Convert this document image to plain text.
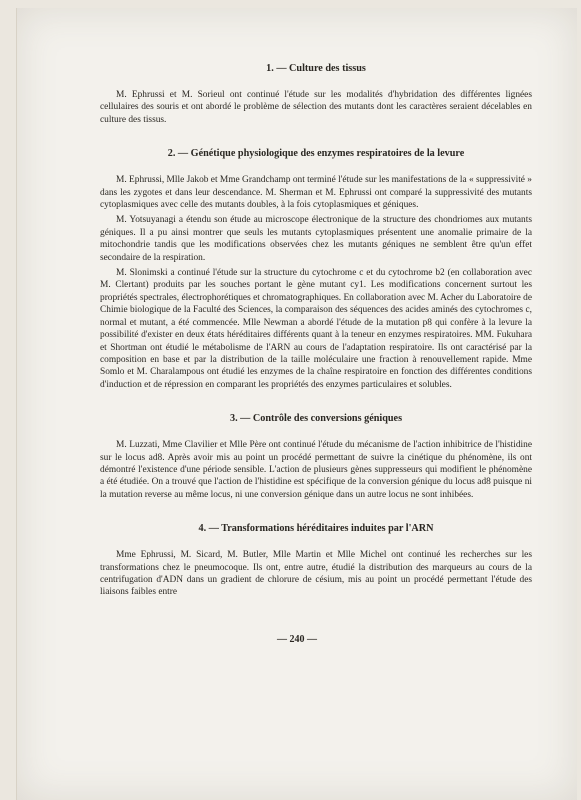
1. — Culture des tissus

M. Ephrussi et M. Sorieul ont continué l'étude sur les modalités d'hybridation des différentes lignées cellulaires des souris et ont abordé le problème de sélection des mutants dont les caractères seraient décelables en culture des tissus.

2. — Génétique physiologique des enzymes respiratoires de la levure

M. Ephrussi, Mlle Jakob et Mme Grandchamp ont terminé l'étude sur les manifestations de la « suppressivité » dans les zygotes et dans leur descendance. M. Sherman et M. Ephrussi ont comparé la suppressivité des mutants cytoplasmiques avec celle des mutants doubles, à la fois cytoplasmiques et géniques.

M. Yotsuyanagi a étendu son étude au microscope électronique de la structure des chondriomes aux mutants géniques. Il a pu ainsi montrer que seuls les mutants cytoplasmiques présentent une anomalie primaire de la mitochondrie tandis que les modifications observées chez les mutants géniques ne semblent être qu'un effet secondaire de la respiration.

M. Slonimski a continué l'étude sur la structure du cytochrome c et du cytochrome b2 (en collaboration avec M. Clertant) produits par les souches portant le gène mutant cy1. Les modifications concernent surtout les propriétés spectrales, électrophorétiques et chromatographiques. En collaboration avec M. Acher du Laboratoire de Chimie biologique de la Faculté des Sciences, la comparaison des séquences des acides aminés des cytochromes c, normal et mutant, a été commencée. Mlle Newman a abordé l'étude de la mutation p8 qui confère à la levure la possibilité d'exister en deux états héréditaires différents quant à la teneur en enzymes respiratoires. MM. Fukuhara et Shortman ont étudié le métabolisme de l'ARN au cours de l'adaptation respiratoire. Ils ont caractérisé par la composition en base et par la distribution de la taille moléculaire une fraction à renouvellement rapide. Mme Somlo et M. Charalampous ont étudié les enzymes de la chaîne respiratoire en fonction des différentes conditions d'induction et de répression en comparant les propriétés des enzymes particulaires et solubles.

3. — Contrôle des conversions géniques

M. Luzzati, Mme Clavilier et Mlle Père ont continué l'étude du mécanisme de l'action inhibitrice de l'histidine sur le locus ad8. Après avoir mis au point un procédé permettant de suivre la cinétique du phénomène, ils ont démontré l'existence d'une période sensible. L'action de plusieurs gènes suppresseurs qui modifient le phénomène a été étudiée. On a trouvé que l'action de l'histidine est spécifique de la conversion génique du locus ad8 puisque ni la mutation reverse au même locus, ni une conversion génique dans un autre locus ne sont inhibées.

4. — Transformations héréditaires induites par l'ARN

Mme Ephrussi, M. Sicard, M. Butler, Mlle Martin et Mlle Michel ont continué les recherches sur les transformations chez le pneumocoque. Ils ont, entre autre, étudié la distribution des marqueurs au cours de la centrifugation d'ADN dans un gradient de chlorure de césium, mis au point un procédé permettant l'étude des liaisons faibles entre

— 240 —
